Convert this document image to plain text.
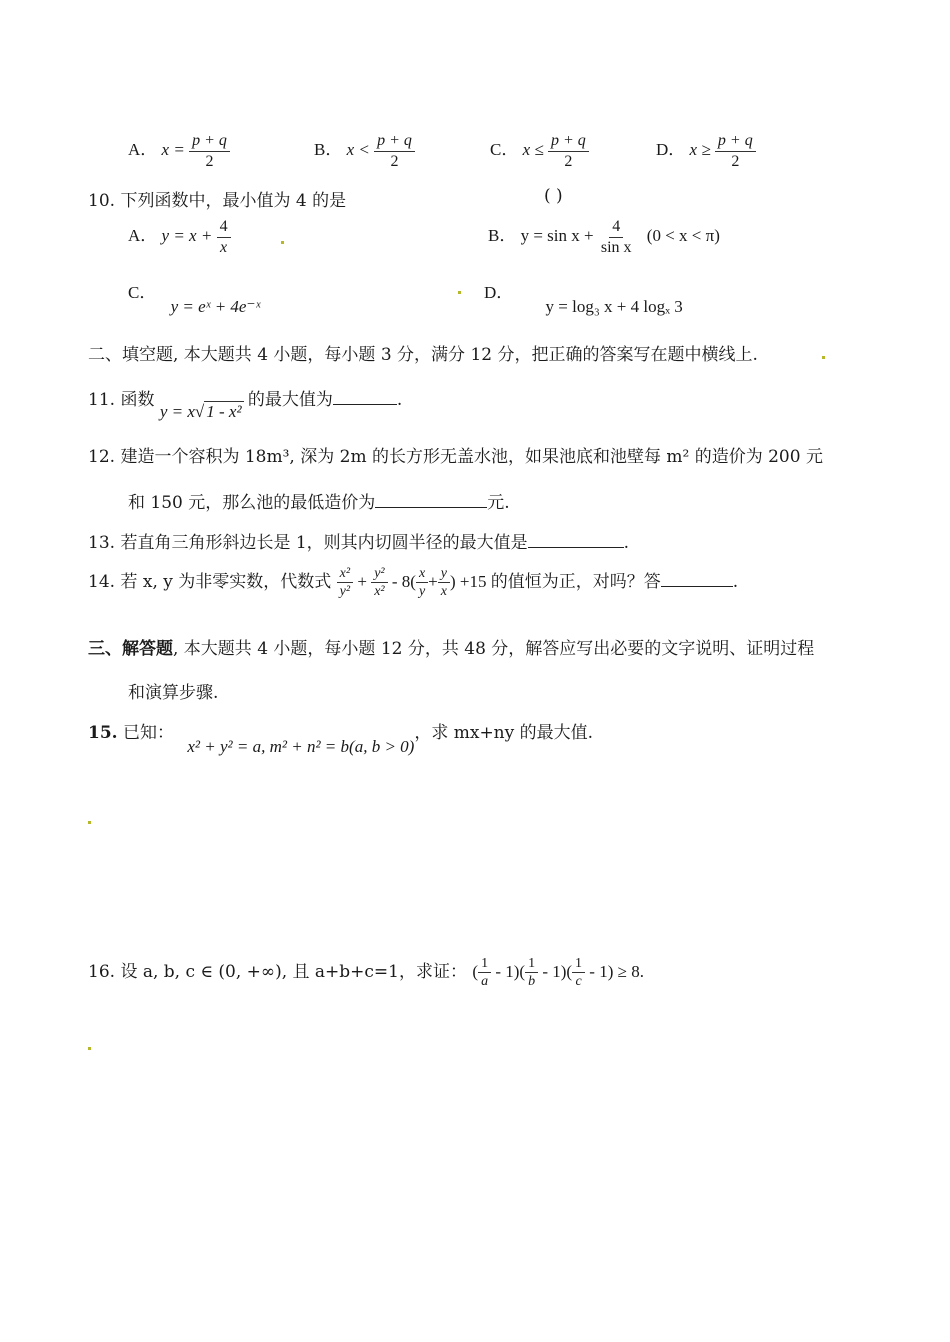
A． $x = \frac{p + q}{2}$	B． $x < \frac{p + q}{2}$	C． $x \le \frac{p + q}{2}$	D． $x \ge \frac{p + q}{2}$
10. 下列函数中，最小值为 4 的是	( )
A． $y = x + \frac{4}{x}$	B． $y = \sin x + \frac{4}{\text{sin x}} (0 < x < \pi)$
C． y = eˣ + 4e⁻ˣ
D． y = log₃ x + 4 logₓ 3
二、填空题, 本大题共 4 小题，每小题 3 分，满分 12 分，把正确的答案写在题中横线上.
11. 函数 y = x√ 1 - x² 的最大值为	.
12. 建造一个容积为 18m³, 深为 2m 的长方形无盖水池，如果池底和池壁每 m² 的造价为 200 元
和 150 元，那么池的最低造价为	元.
13. 若直角三角形斜边长是 1，则其内切圆半径的最大值是	.
14. 若 x, y 为非零实数，代数式 $\frac{\text{x²}}{\text{y²}} + \frac{\text{y²}}{\text{x²}} - 8( \frac{x}{y} + \frac{y}{x}$ ) +15 的值恒为正，对吗？答	.
三、解答题, 本大题共 4 小题，每小题 12 分，共 48 分，解答应写出必要的文字说明、证明过程
和演算步骤.
15. 已知： x² + y² = a, m² + n² = b(a, b > 0)，求 mx+ny 的最大值.
16. 设 a, b, c ∈ (0, +∞), 且 a+b+c=1，求证： ( $\frac{1}{a} - 1)( \frac{1}{b} - 1)( \frac{1}{c} - 1) \ge 8$.
